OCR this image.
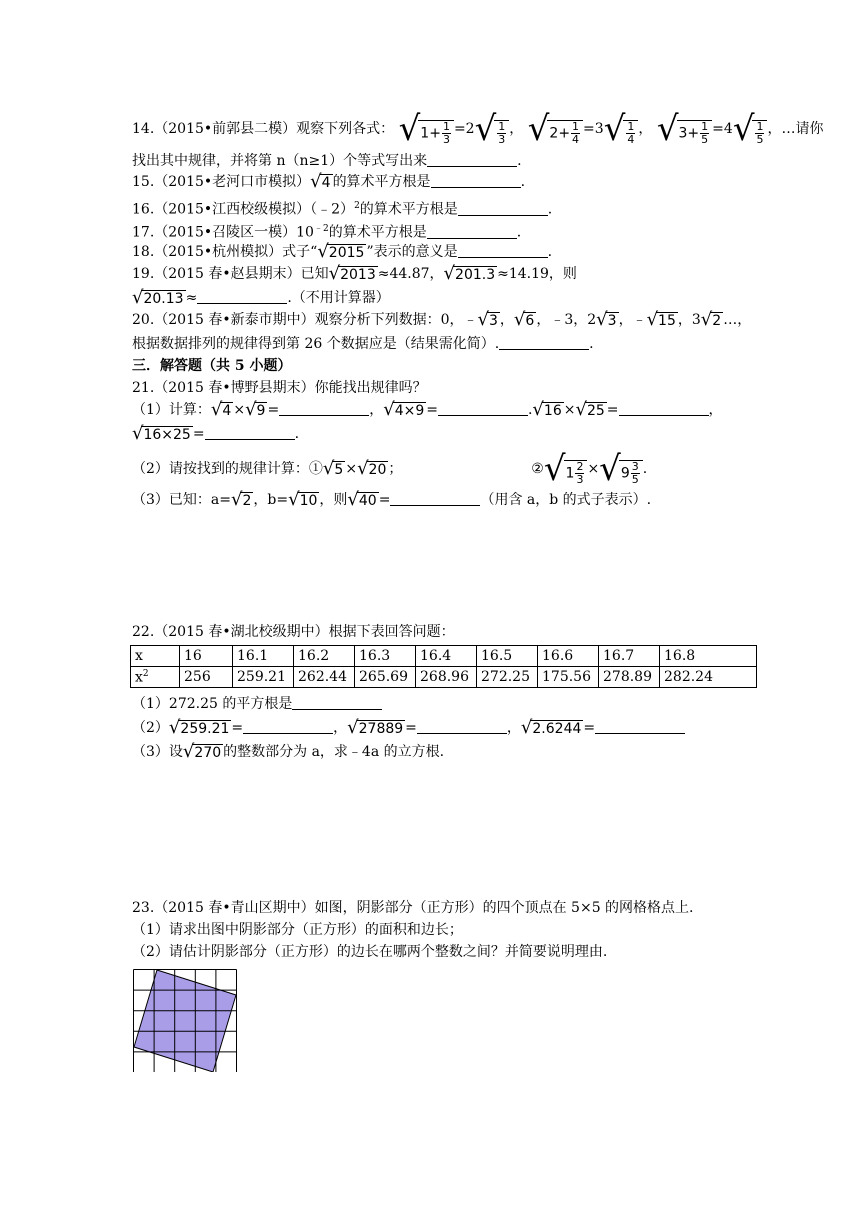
14.（2015•前郭县二模）观察下列各式： √ $1+ \frac{1}{3} =2$ √ $\frac{1}{3}$ ， √ $2+ \frac{1}{4} =3$ √ $\frac{1}{4}$ ， √ $3+ \frac{1}{5} =4$ √ $\frac{1}{5}$ ，…请你
找出其中规律，并将第 n（n≥1）个等式写出来	.
15.（2015•老河口市模拟） √ 4 的算术平方根是	.
16.（2015•江西校级模拟）（﹣2）$^2$的算术平方根是	.
17.（2015•召陵区一模）$10^{﹣2}$的算术平方根是	.
18.（2015•杭州模拟）式子“ √ 2015 ”表示的意义是	.
19.（2015 春•赵县期末）已知 √ 2013 ≈44.87， √ 201.3 ≈14.19，则
√ 20.13 ≈	.（不用计算器）
20.（2015 春•新泰市期中）观察分析下列数据：0，﹣ √ 3 ， √ 6 ，﹣3，2 √ 3 ，﹣ √ 15 ，3 √ 2 …，
根据数据排列的规律得到第 26 个数据应是（结果需化简）.	.
三．解答题（共 5 小题）
21.（2015 春•博野县期末）你能找出规律吗？
（1）计算： √ 4 × √ 9 =	， √ 4×9 =	. √ 16 × √ 25 =	，
√ 16×25 =	.
（2）请按找到的规律计算：① √ 5 × √ 20 ；	② √ $1 \frac{2}{3}$ × √ $9 \frac{3}{5}$ .
（3）已知：a= √ 2 ，b= √ 10 ，则 √ 40 =	（用含 a，b 的式子表示）.
22.（2015 春•湖北校级期中）根据下表回答问题：
x	16	16.1	16.2	16.3	16.4	16.5	16.6	16.7	16.8
$x^2$	256	259.21	262.44	265.69	268.96	272.25	175.56	278.89	282.24
（1）272.25 的平方根是
（2） √ 259.21 =	， √ 27889 =	， √ 2.6244 =
（3）设 √ 270 的整数部分为 a，求﹣4a 的立方根.
23.（2015 春•青山区期中）如图，阴影部分（正方形）的四个顶点在 5×5 的网格格点上.
（1）请求出图中阴影部分（正方形）的面积和边长；
（2）请估计阴影部分（正方形）的边长在哪两个整数之间？并简要说明理由.
